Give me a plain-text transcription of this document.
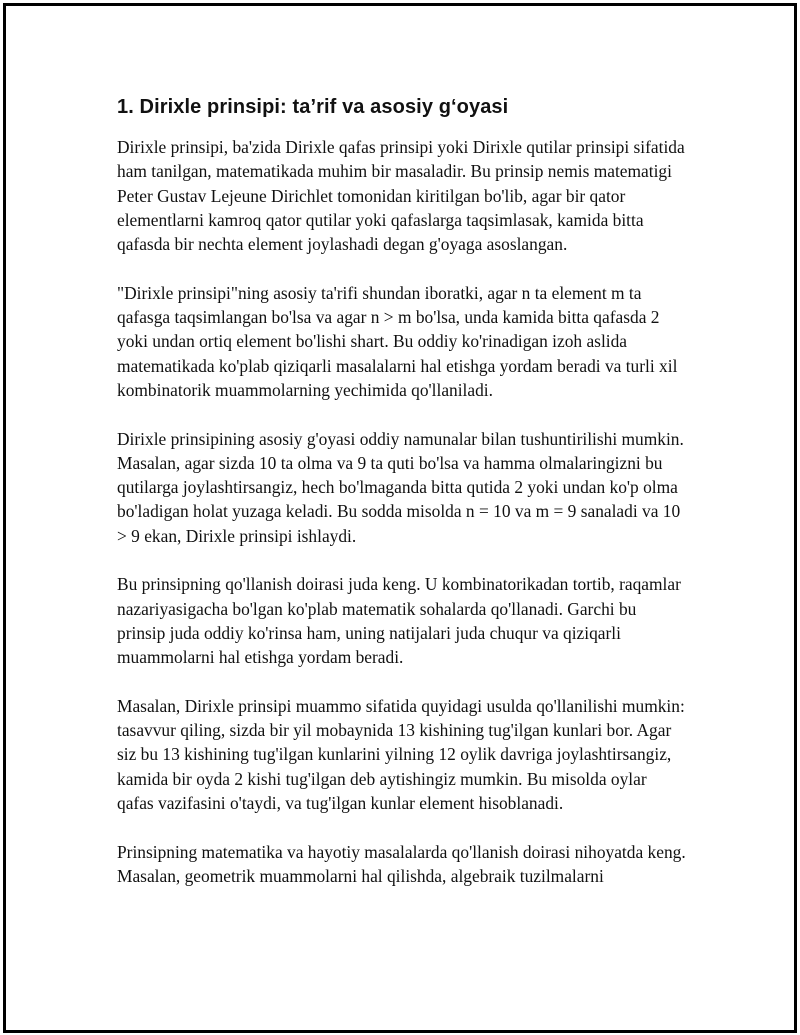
1. Dirixle prinsipi: ta’rif va asosiy g‘oyasi

Dirixle prinsipi, ba'zida Dirixle qafas prinsipi yoki Dirixle qutilar prinsipi sifatida ham tanilgan, matematikada muhim bir masaladir. Bu prinsip nemis matematigi Peter Gustav Lejeune Dirichlet tomonidan kiritilgan bo'lib, agar bir qator elementlarni kamroq qator qutilar yoki qafaslarga taqsimlasak, kamida bitta qafasda bir nechta element joylashadi degan g'oyaga asoslangan.

"Dirixle prinsipi"ning asosiy ta'rifi shundan iboratki, agar n ta element m ta qafasga taqsimlangan bo'lsa va agar n > m bo'lsa, unda kamida bitta qafasda 2 yoki undan ortiq element bo'lishi shart. Bu oddiy ko'rinadigan izoh aslida matematikada ko'plab qiziqarli masalalarni hal etishga yordam beradi va turli xil kombinatorik muammolarning yechimida qo'llaniladi.

Dirixle prinsipining asosiy g'oyasi oddiy namunalar bilan tushuntirilishi mumkin. Masalan, agar sizda 10 ta olma va 9 ta quti bo'lsa va hamma olmalaringizni bu qutilarga joylashtirsangiz, hech bo'lmaganda bitta qutida 2 yoki undan ko'p olma bo'ladigan holat yuzaga keladi. Bu sodda misolda n = 10 va m = 9 sanaladi va 10 > 9 ekan, Dirixle prinsipi ishlaydi.

Bu prinsipning qo'llanish doirasi juda keng. U kombinatorikadan tortib, raqamlar nazariyasigacha bo'lgan ko'plab matematik sohalarda qo'llanadi. Garchi bu prinsip juda oddiy ko'rinsa ham, uning natijalari juda chuqur va qiziqarli muammolarni hal etishga yordam beradi.

Masalan, Dirixle prinsipi muammo sifatida quyidagi usulda qo'llanilishi mumkin: tasavvur qiling, sizda bir yil mobaynida 13 kishining tug'ilgan kunlari bor. Agar siz bu 13 kishining tug'ilgan kunlarini yilning 12 oylik davriga joylashtirsangiz, kamida bir oyda 2 kishi tug'ilgan deb aytishingiz mumkin. Bu misolda oylar qafas vazifasini o'taydi, va tug'ilgan kunlar element hisoblanadi.

Prinsipning matematika va hayotiy masalalarda qo'llanish doirasi nihoyatda keng. Masalan, geometrik muammolarni hal qilishda, algebraik tuzilmalarni
